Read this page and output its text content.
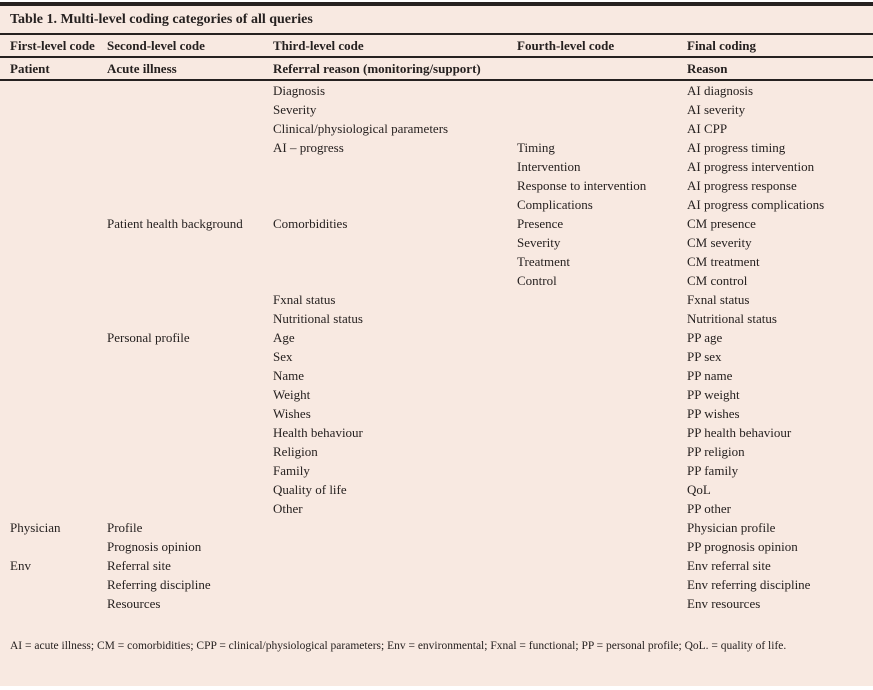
Table 1. Multi-level coding categories of all queries
First-level code	Second-level code	Third-level code	Fourth-level code	Final coding
Patient	Acute illness	Referral reason (monitoring/support)		Reason
		Diagnosis		AI diagnosis
		Severity		AI severity
		Clinical/physiological parameters		AI CPP
		AI – progress	Timing	AI progress timing
			Intervention	AI progress intervention
			Response to intervention	AI progress response
			Complications	AI progress complications
	Patient health background	Comorbidities	Presence	CM presence
			Severity	CM severity
			Treatment	CM treatment
			Control	CM control
		Fxnal status		Fxnal status
		Nutritional status		Nutritional status
	Personal profile	Age		PP age
		Sex		PP sex
		Name		PP name
		Weight		PP weight
		Wishes		PP wishes
		Health behaviour		PP health behaviour
		Religion		PP religion
		Family		PP family
		Quality of life		QoL
		Other		PP other
Physician	Profile			Physician profile
	Prognosis opinion			PP prognosis opinion
Env	Referral site			Env referral site
	Referring discipline			Env referring discipline
	Resources			Env resources
AI = acute illness; CM = comorbidities; CPP = clinical/physiological parameters; Env = environmental; Fxnal = functional; PP = personal profile; QoL. = quality of life.
